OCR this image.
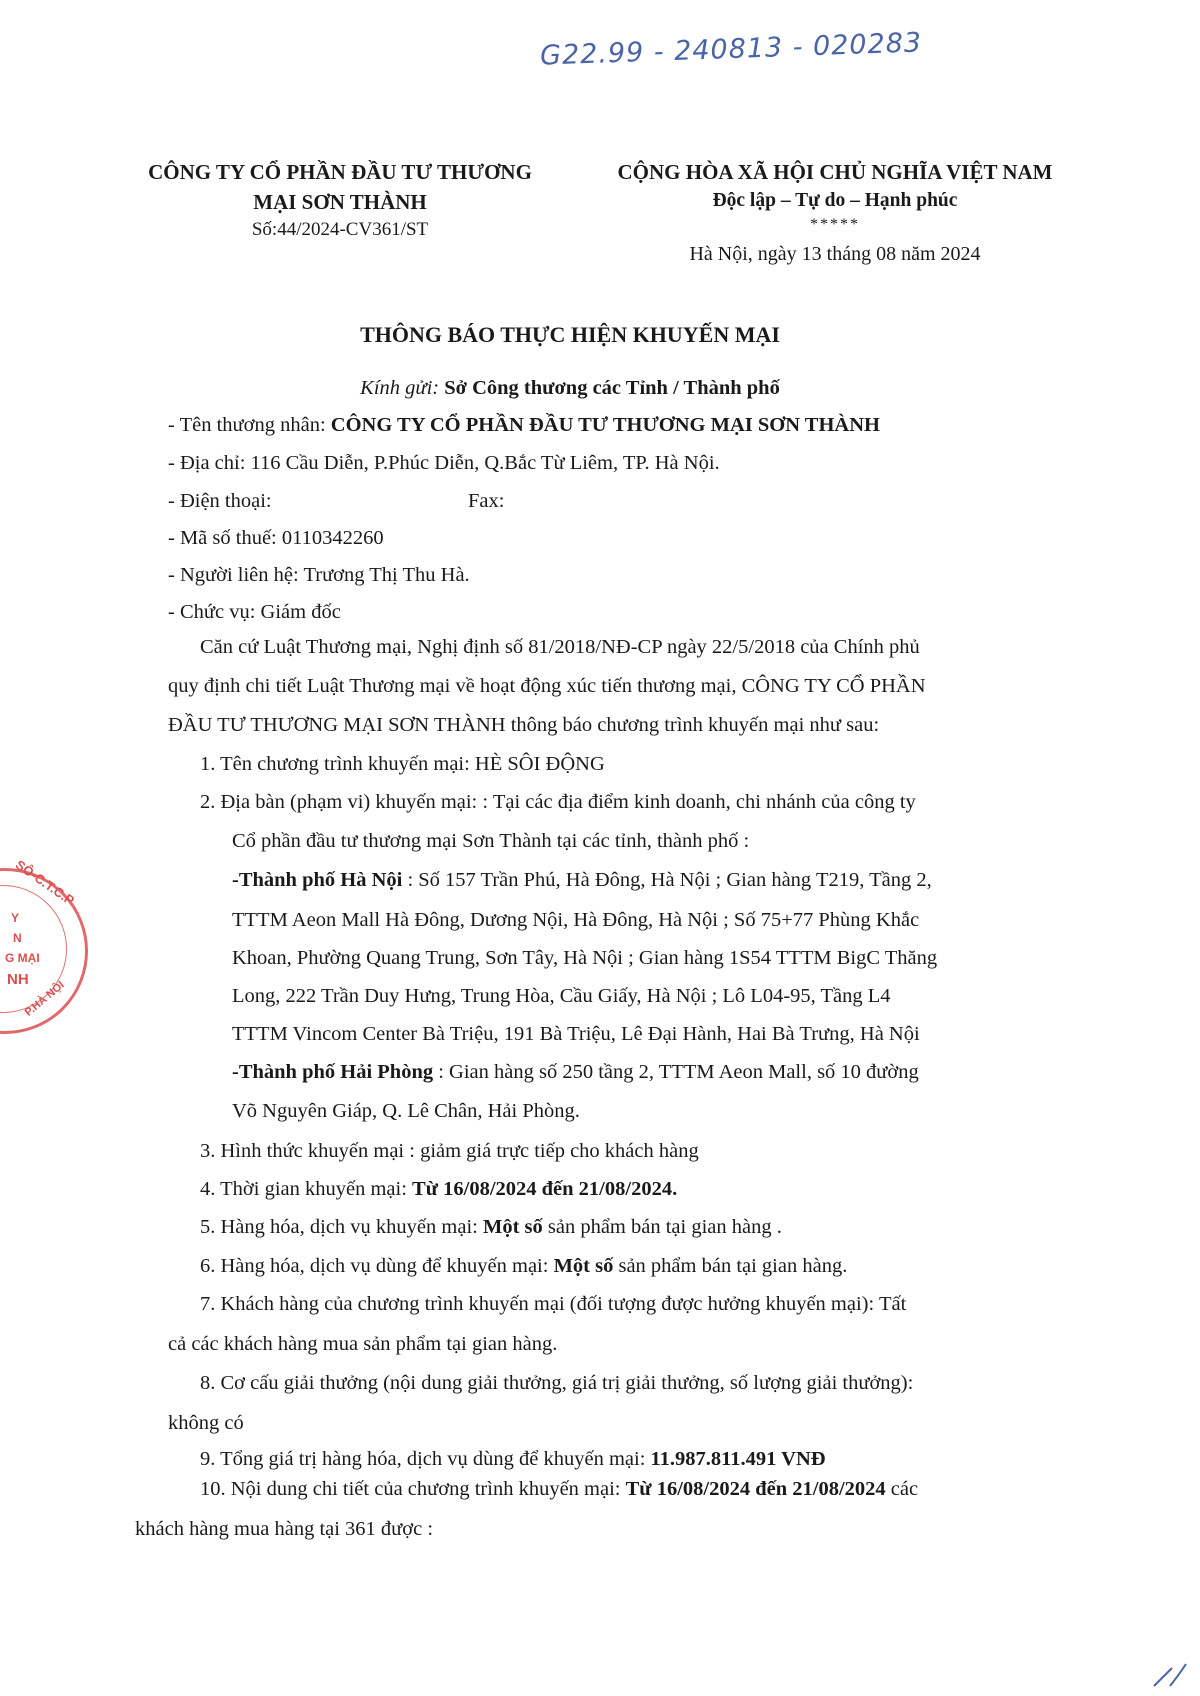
G22.99 - 240813 - 020283
CÔNG TY CỔ PHẦN ĐẦU TƯ THƯƠNG
MẠI SƠN THÀNH
Số:44/2024-CV361/ST
CỘNG HÒA XÃ HỘI CHỦ NGHĨA VIỆT NAM
Độc lập – Tự do – Hạnh phúc
*****
Hà Nội, ngày 13 tháng 08 năm 2024
THÔNG BÁO THỰC HIỆN KHUYẾN MẠI
Kính gửi: Sở Công thương các Tỉnh / Thành phố
- Tên thương nhân: CÔNG TY CỔ PHẦN ĐẦU TƯ THƯƠNG MẠI SƠN THÀNH
- Địa chỉ: 116 Cầu Diễn, P.Phúc Diễn, Q.Bắc Từ Liêm, TP. Hà Nội.
- Điện thoại:	Fax:
- Mã số thuế: 0110342260
- Người liên hệ: Trương Thị Thu Hà.
- Chức vụ: Giám đốc
Căn cứ Luật Thương mại, Nghị định số 81/2018/NĐ-CP ngày 22/5/2018 của Chính phủ
quy định chi tiết Luật Thương mại về hoạt động xúc tiến thương mại, CÔNG TY CỔ PHẦN
ĐẦU TƯ THƯƠNG MẠI SƠN THÀNH thông báo chương trình khuyến mại như sau:
1. Tên chương trình khuyến mại: HÈ SÔI ĐỘNG
2. Địa bàn (phạm vi) khuyến mại: : Tại các địa điểm kinh doanh, chi nhánh của công ty
Cổ phần đầu tư thương mại Sơn Thành tại các tỉnh, thành phố :
-Thành phố Hà Nội : Số 157 Trần Phú, Hà Đông, Hà Nội ; Gian hàng T219, Tầng 2,
TTTM Aeon Mall Hà Đông, Dương Nội, Hà Đông, Hà Nội ; Số 75+77 Phùng Khắc
Khoan, Phường Quang Trung, Sơn Tây, Hà Nội ; Gian hàng 1S54 TTTM BigC Thăng
Long, 222 Trần Duy Hưng, Trung Hòa, Cầu Giấy, Hà Nội ; Lô L04-95, Tầng L4
TTTM Vincom Center Bà Triệu, 191 Bà Triệu, Lê Đại Hành, Hai Bà Trưng, Hà Nội
-Thành phố Hải Phòng : Gian hàng số 250 tầng 2, TTTM Aeon Mall, số 10 đường
Võ Nguyên Giáp, Q. Lê Chân, Hải Phòng.
3. Hình thức khuyến mại : giảm giá trực tiếp cho khách hàng
4. Thời gian khuyến mại: Từ 16/08/2024 đến 21/08/2024.
5. Hàng hóa, dịch vụ khuyến mại: Một số sản phẩm bán tại gian hàng .
6. Hàng hóa, dịch vụ dùng để khuyến mại: Một số sản phẩm bán tại gian hàng.
7. Khách hàng của chương trình khuyến mại (đối tượng được hưởng khuyến mại): Tất
cả các khách hàng mua sản phẩm tại gian hàng.
8. Cơ cấu giải thưởng (nội dung giải thưởng, giá trị giải thưởng, số lượng giải thưởng):
không có
9. Tổng giá trị hàng hóa, dịch vụ dùng để khuyến mại: 11.987.811.491 VNĐ
10. Nội dung chi tiết của chương trình khuyến mại: Từ 16/08/2024 đến 21/08/2024 các
khách hàng mua hàng tại 361 được :
SÔ-C.T.C.P
Y
N
G MẠI
NH
P.HÀ NỘI
